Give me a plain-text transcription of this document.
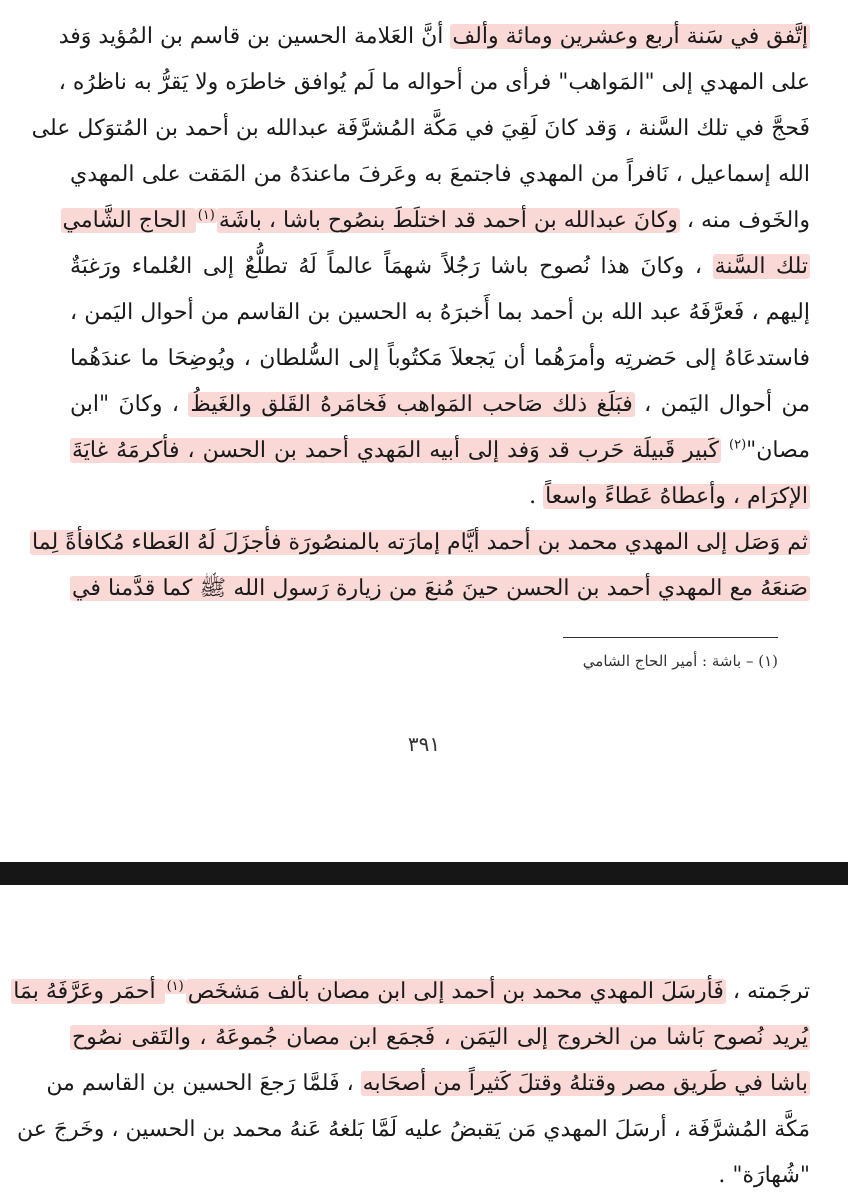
إتَّفق في سَنة أربع وعشرين ومائة وألف أنَّ العَلامة الحسين بن قاسم بن المُؤيد وَفد
على المهدي إلى "المَواهب" فرأى من أحواله ما لَم يُوافق خاطرَه ولا يَقرُّ به ناظرُه ،
فَحجَّ في تلك السَّنة ، وَقد كانَ لَقِيَ في مَكَّة المُشرَّفَة عبدالله بن أحمد بن المُتوَكل على
الله إسماعيل ، نَافراً من المهدي فاجتمعَ به وعَرفَ ماعندَهُ من المَقت على المهدي
والخَوف منه ، وكانَ عبدالله بن أحمد قد اختلَطَ بنصُوح باشا ، باشَة$^{(١)}$ الحاج الشَّامي
تلك السَّنة ، وكانَ هذا نُصوح باشا رَجُلاً شهمَاً عالماً لَهُ تطلُّعٌ إلى العُلماء ورَغبَةٌ
إليهم ، فَعرَّفَهُ عبد الله بن أحمد بما أَخبرَهُ به الحسين بن القاسم من أحوال اليَمن ،
فاستدعَاهُ إلى حَضرتِه وأمرَهُما أن يَجعلاَ مَكتُوباً إلى السُّلطان ، ويُوضِحَا ما عندَهُما
من أحوال اليَمن ، فبَلَغ ذلك صَاحب المَواهب فَخامَرهُ القَلق والغَيظُ ، وكانَ "ابن
مصان"$^{(٢)}$ كَبير قَبيلَة حَرب قد وَفد إلى أبيه المَهدي أحمد بن الحسن ، فأكرمَهُ غايَةَ
الإكرَام ، وأعطاهُ عَطاءً واسعاً .
ثم وَصَل إلى المهدي محمد بن أحمد أيَّام إمارَته بالمنصُورَة فأجزَلَ لَهُ العَطاء مُكافأةً لِما
صَنعَهُ مع المهدي أحمد بن الحسن حينَ مُنعَ من زيارة رَسول الله ﷺ كما قدَّمنا في
(١) – باشة : أمير الحاج الشامي
٣٩١
ترجَمته ، فَأرسَلَ المهدي محمد بن أحمد إلى ابن مصان بألف مَشخَص$^{(١)}$ أحمَر وعَرَّفَهُ بمَا
يُريد نُصوح بَاشا من الخروج إلى اليَمَن ، فَجمَع ابن مصان جُموعَهُ ، والتَقى نصُوح
باشا في طَريق مصر وقتلهُ وقتلَ كَثيراً من أصحَابه ، فَلمَّا رَجعَ الحسين بن القاسم من
مَكَّة المُشرَّفَة ، أرسَلَ المهدي مَن يَقبضُ عليه لَمَّا بَلغهُ عَنهُ محمد بن الحسين ، وخَرجَ عن
"شُهارَة" .
